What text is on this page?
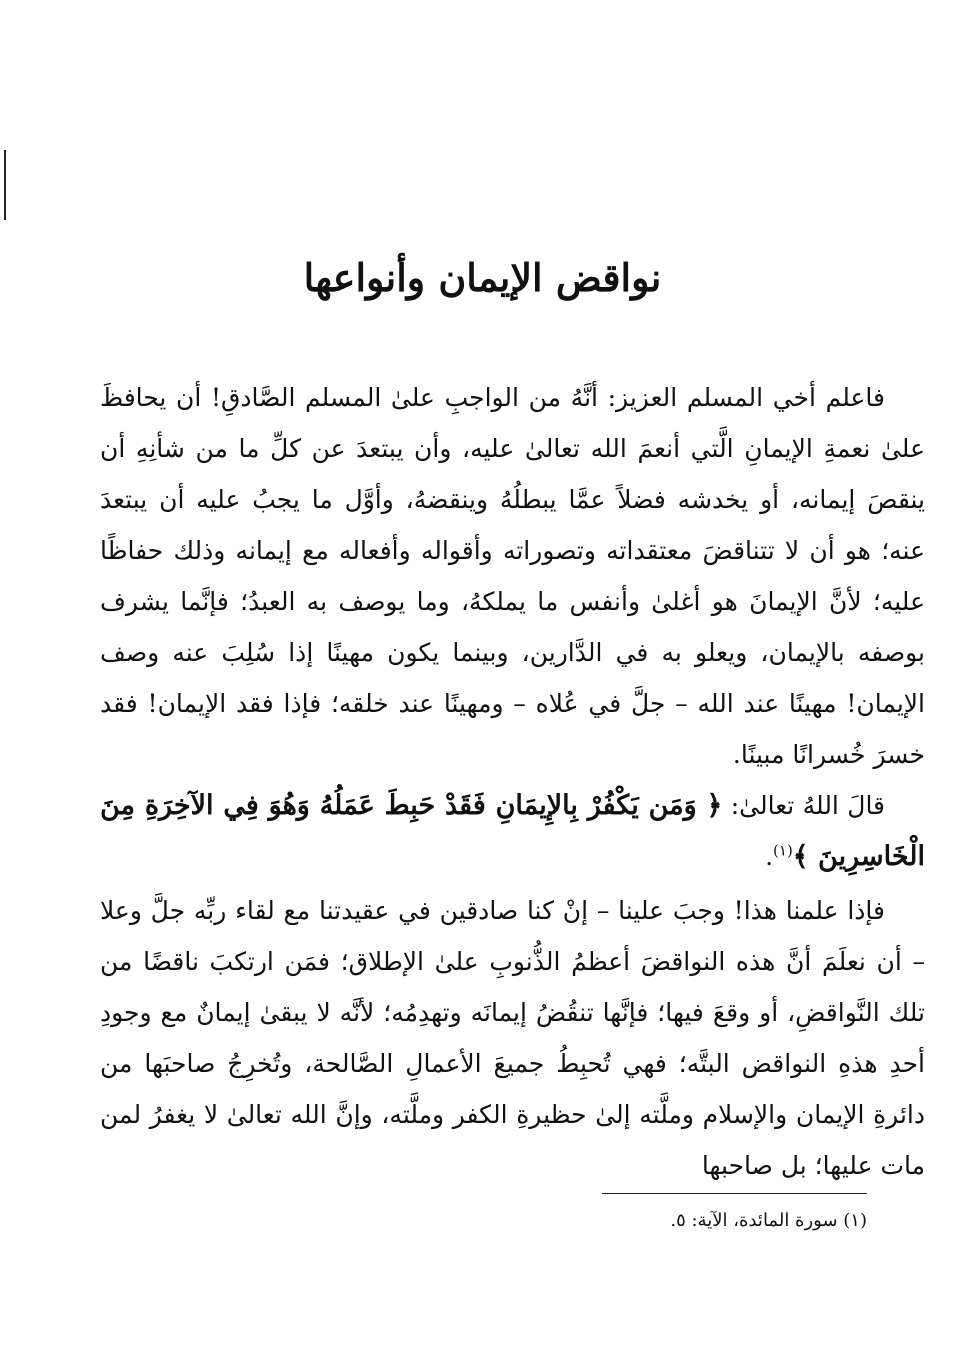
نواقض الإيمان وأنواعها

فاعلم أخي المسلم العزيز: أنَّهُ من الواجبِ علىٰ المسلم الصَّادقِ! أن يحافظَ علىٰ نعمةِ الإيمانِ الَّتي أنعمَ الله تعالىٰ عليه، وأن يبتعدَ عن كلِّ ما من شأنِهِ أن ينقصَ إيمانه، أو يخدشه فضلاً عمَّا يبطلُهُ وينقضهُ، وأوَّل ما يجبُ عليه أن يبتعدَ عنه؛ هو أن لا تتناقضَ معتقداته وتصوراته وأقواله وأفعاله مع إيمانه وذلك حفاظًا عليه؛ لأنَّ الإيمانَ هو أغلىٰ وأنفس ما يملكهُ، وما يوصف به العبدُ؛ فإنَّما يشرف بوصفه بالإيمان، ويعلو به في الدَّارين، وبينما يكون مهينًا إذا سُلِبَ عنه وصف الإيمان! مهينًا عند الله – جلَّ في عُلاه – ومهينًا عند خلقه؛ فإذا فقد الإيمان! فقد خسرَ خُسرانًا مبينًا.

قالَ اللهُ تعالىٰ: ﴿ وَمَن يَكْفُرْ بِالإِيمَانِ فَقَدْ حَبِطَ عَمَلُهُ وَهُوَ فِي الآخِرَةِ مِنَ الْخَاسِرِينَ ﴾$^{(١)}$.

فإذا علمنا هذا! وجبَ علينا – إنْ كنا صادقين في عقيدتنا مع لقاء ربِّه جلَّ وعلا – أن نعلَمَ أنَّ هذه النواقضَ أعظمُ الذُّنوبِ علىٰ الإطلاق؛ فمَن ارتكبَ ناقضًا من تلك النَّواقضِ، أو وقعَ فيها؛ فإنَّها تنقُضُ إيمانَه وتهدِمُه؛ لأنَّه لا يبقىٰ إيمانٌ مع وجودِ أحدِ هذهِ النواقض البتَّه؛ فهي تُحبِطُ جميعَ الأعمالِ الصَّالحة، وتُخرِجُ صاحبَها من دائرةِ الإيمان والإسلام وملَّته إلىٰ حظيرةِ الكفر وملَّته، وإنَّ الله تعالىٰ لا يغفرُ لمن مات عليها؛ بل صاحبها

(١) سورة المائدة، الآية: ٥.
